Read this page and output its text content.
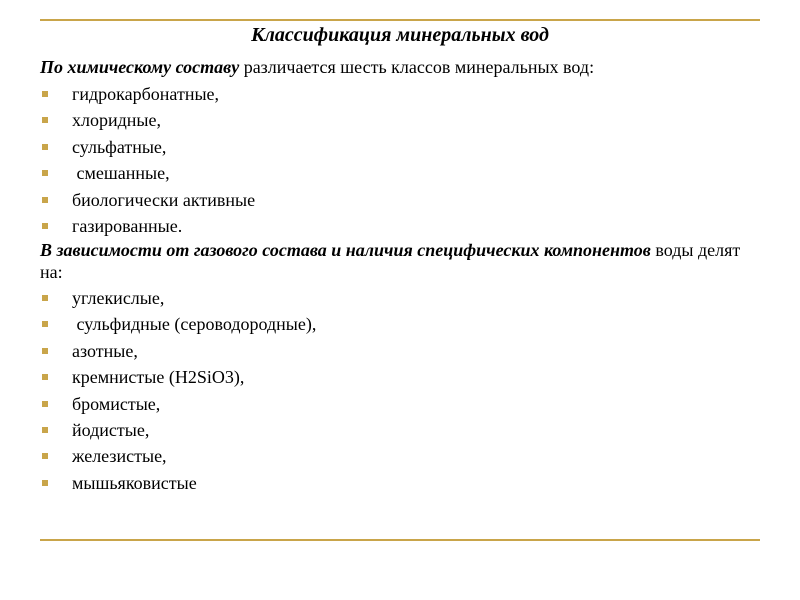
Классификация минеральных вод
По химическому составу различается шесть классов минеральных вод:
гидрокарбонатные,
хлоридные,
сульфатные,
смешанные,
биологически активные
газированные.
В зависимости от газового состава и наличия специфических компонентов воды делят на:
углекислые,
сульфидные (сероводородные),
азотные,
кремнистые (H2SiO3),
бромистые,
йодистые,
железистые,
мышьяковистые
